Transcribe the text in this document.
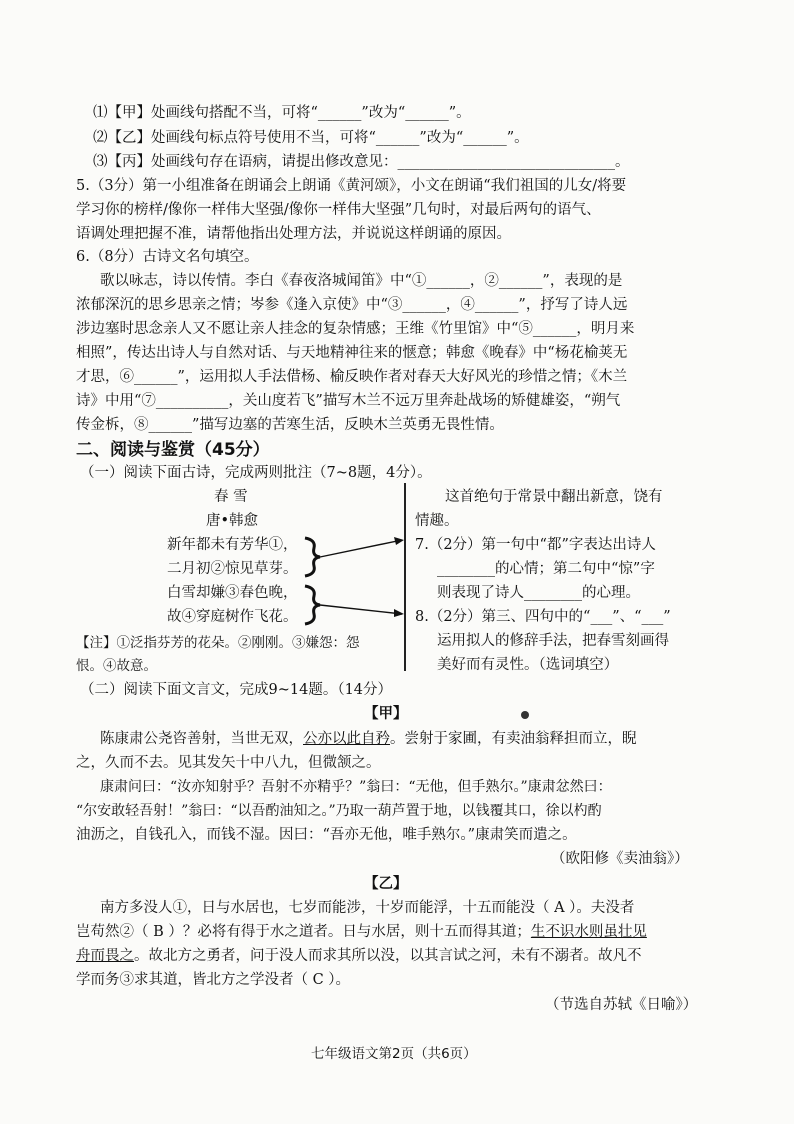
⑴【甲】处画线句搭配不当，可将“______”改为“______”。
⑵【乙】处画线句标点符号使用不当，可将“______”改为“______”。
⑶【丙】处画线句存在语病，请提出修改意见：______________________________。
5.（3分）第一小组准备在朗诵会上朗诵《黄河颂》，小文在朗诵“我们祖国的儿女/将要
学习你的榜样/像你一样伟大坚强/像你一样伟大坚强”几句时，对最后两句的语气、
语调处理把握不准，请帮他指出处理方法，并说说这样朗诵的原因。
6.（8分）古诗文名句填空。
歌以咏志，诗以传情。李白《春夜洛城闻笛》中“①______，②______”，表现的是
浓郁深沉的思乡思亲之情；岑参《逢入京使》中“③______，④______”，抒写了诗人远
涉边塞时思念亲人又不愿让亲人挂念的复杂情感；王维《竹里馆》中“⑤______，明月来
相照”，传达出诗人与自然对话、与天地精神往来的惬意；韩愈《晚春》中“杨花榆荚无
才思，⑥______”，运用拟人手法借杨、榆反映作者对春天大好风光的珍惜之情；《木兰
诗》中用“⑦__________，关山度若飞”描写木兰不远万里奔赴战场的矫健雄姿，“朔气
传金柝，⑧______”描写边塞的苦寒生活，反映木兰英勇无畏性情。
二、阅读与鉴赏（45分）
（一）阅读下面古诗，完成两则批注（7~8题，4分）。
春 雪
唐•韩愈
新年都未有芳华①，
二月初②惊见草芽。
白雪却嫌③春色晚，
故④穿庭树作飞花。
【注】①泛指芬芳的花朵。②刚刚。③嫌怨：怨
恨。④故意。
这首绝句于常景中翻出新意，饶有
情趣。
7.（2分）第一句中“都”字表达出诗人
________的心情；第二句中“惊”字
则表现了诗人________的心理。
8.（2分）第三、四句中的“___”、“___”
运用拟人的修辞手法，把春雪刻画得
美好而有灵性。（选词填空）
（二）阅读下面文言文，完成9~14题。（14分）
【甲】
陈康肃公尧咨善射，当世无双，公亦以此自矜。尝射于家圃，有卖油翁释担而立，睨
之，久而不去。见其发矢十中八九，但微颔之。
康肃问曰：“汝亦知射乎？吾射不亦精乎？”翁曰：“无他，但手熟尔。”康肃忿然曰：
“尔安敢轻吾射！”翁曰：“以吾酌油知之。”乃取一葫芦置于地，以钱覆其口，徐以杓酌
油沥之，自钱孔入，而钱不湿。因曰：“吾亦无他，唯手熟尔。”康肃笑而遣之。
（欧阳修《卖油翁》）
【乙】
南方多没人①，日与水居也，七岁而能涉，十岁而能浮，十五而能没（ A ）。夫没者
岂苟然②（ B ）？必将有得于水之道者。日与水居，则十五而得其道；生不识水则虽壮见
舟而畏之。故北方之勇者，问于没人而求其所以没，以其言试之河，未有不溺者。故凡不
学而务③求其道，皆北方之学没者（ C ）。
（节选自苏轼《日喻》）
七年级语文第2页（共6页）
